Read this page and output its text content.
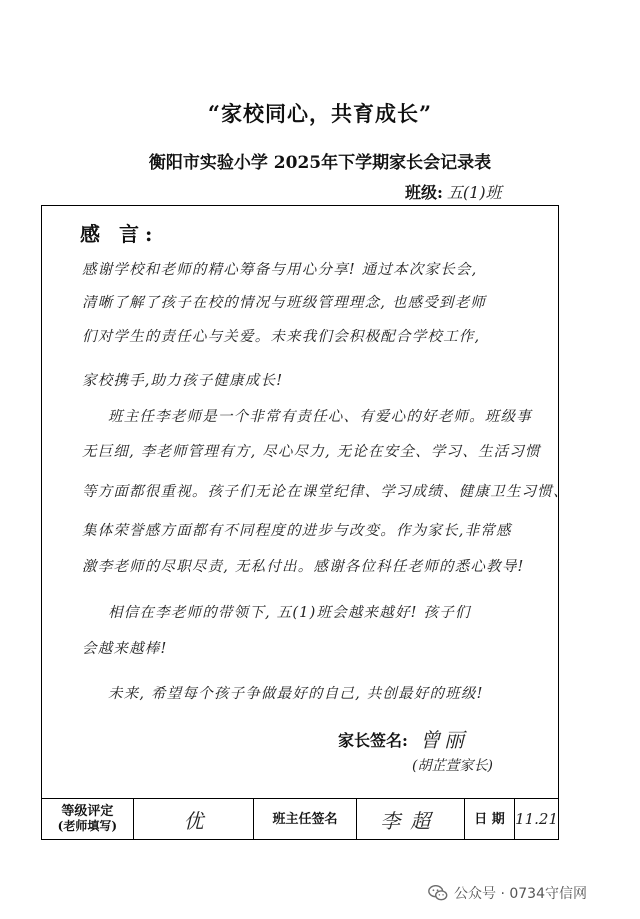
“家校同心，共育成长”
衡阳市实验小学 2025年下学期家长会记录表
班级: 五(1)班
感 言:
感谢学校和老师的精心筹备与用心分享! 通过本次家长会,
清晰了解了孩子在校的情况与班级管理理念, 也感受到老师
们对学生的责任心与关爱。未来我们会积极配合学校工作,
家校携手,助力孩子健康成长!
班主任李老师是一个非常有责任心、有爱心的好老师。班级事
无巨细, 李老师管理有方, 尽心尽力, 无论在安全、学习、生活习惯
等方面都很重视。孩子们无论在课堂纪律、学习成绩、健康卫生习惯、
集体荣誉感方面都有不同程度的进步与改变。作为家长,非常感
激李老师的尽职尽责, 无私付出。感谢各位科任老师的悉心教导!
相信在李老师的带领下, 五(1)班会越来越好! 孩子们
会越来越棒!
未来, 希望每个孩子争做最好的自己, 共创最好的班级!
家长签名: 曾丽
(胡芷萱家长)
等级评定
(老师填写)	优	班主任签名 李超	日 期 11.21
公众号 · 0734守信网
